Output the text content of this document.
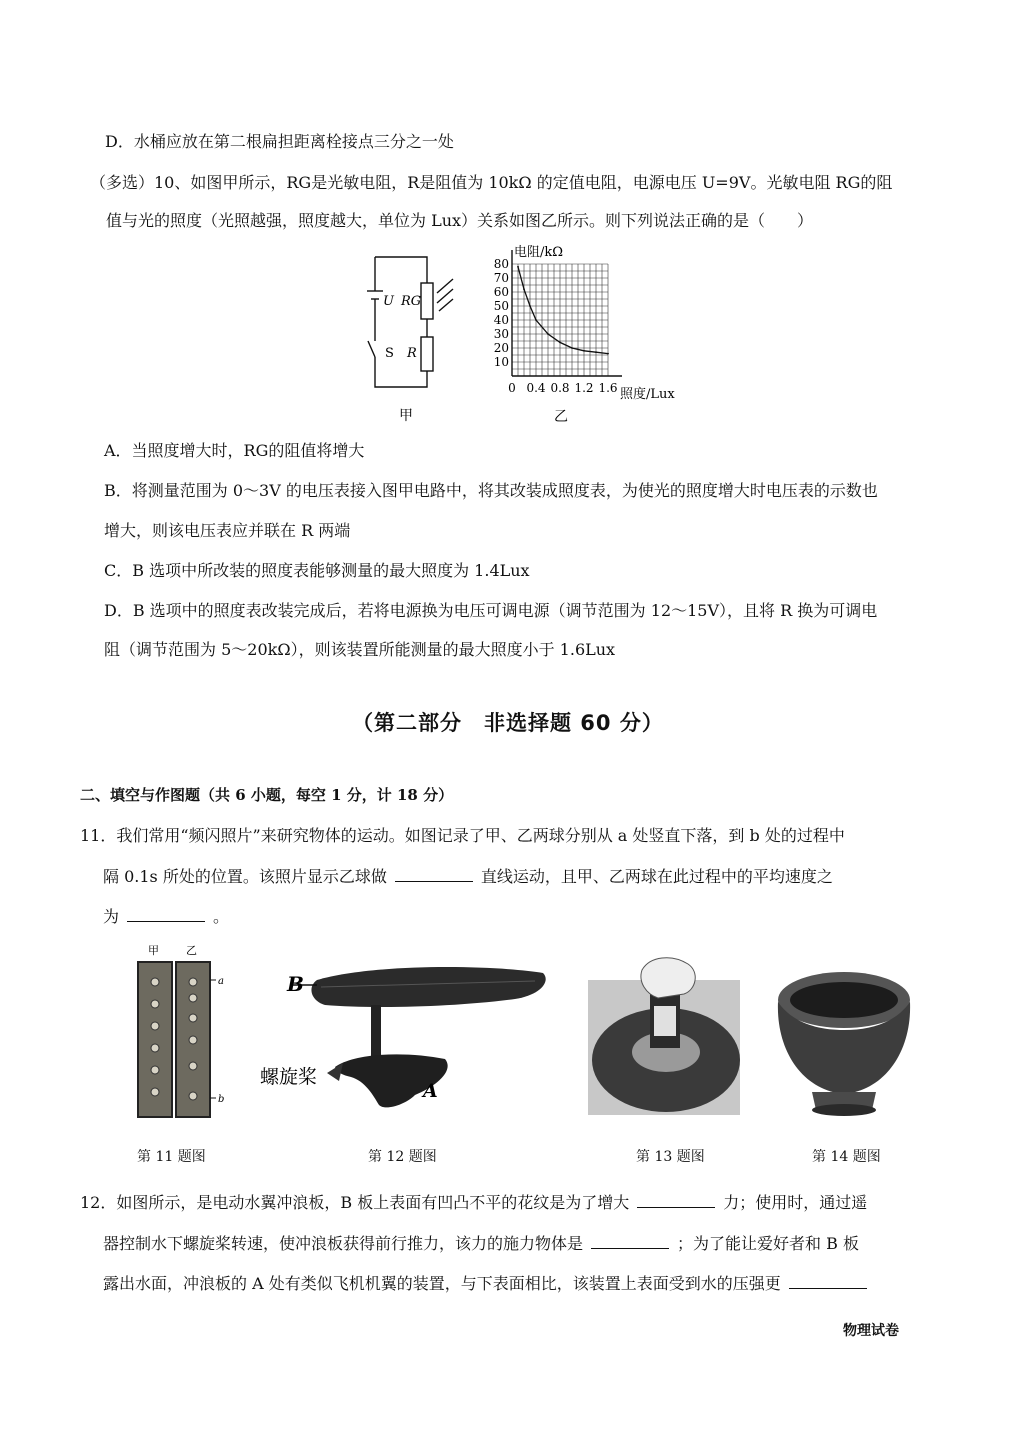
D．水桶应放在第二根扁担距离栓接点三分之一处
（多选）10、如图甲所示，RG是光敏电阻，R是阻值为 10kΩ 的定值电阻，电源电压 U=9V。光敏电阻 RG的阻
值与光的照度（光照越强，照度越大，单位为 Lux）关系如图乙所示。则下列说法正确的是（　　）
U RG
S R
甲
10
20
30
40
50
60
70
80
0 0.4 0.8 1.2 1.6
电阻/kΩ
照度/Lux
乙
A．当照度增大时，RG的阻值将增大
B．将测量范围为 0～3V 的电压表接入图甲电路中，将其改装成照度表，为使光的照度增大时电压表的示数也
增大，则该电压表应并联在 R 两端
C．B 选项中所改装的照度表能够测量的最大照度为 1.4Lux
D．B 选项中的照度表改装完成后，若将电源换为电压可调电源（调节范围为 12～15V），且将 R 换为可调电
阻（调节范围为 5～20kΩ），则该装置所能测量的最大照度小于 1.6Lux
（第二部分　非选择题 60 分）
二、填空与作图题（共 6 小题，每空 1 分，计 18 分）
11．我们常用“频闪照片”来研究物体的运动。如图记录了甲、乙两球分别从 a 处竖直下落，到 b 处的过程中
隔 0.1s 所处的位置。该照片显示乙球做	直线运动，且甲、乙两球在此过程中的平均速度之
为	。
甲 乙
a
b
B
A
螺旋桨
第 11 题图	第 12 题图	第 13 题图	第 14 题图
12．如图所示，是电动水翼冲浪板，B 板上表面有凹凸不平的花纹是为了增大	力；使用时，通过遥
器控制水下螺旋桨转速，使冲浪板获得前行推力，该力的施力物体是	；为了能让爱好者和 B 板
露出水面，冲浪板的 A 处有类似飞机机翼的装置，与下表面相比，该装置上表面受到水的压强更
物理试卷
